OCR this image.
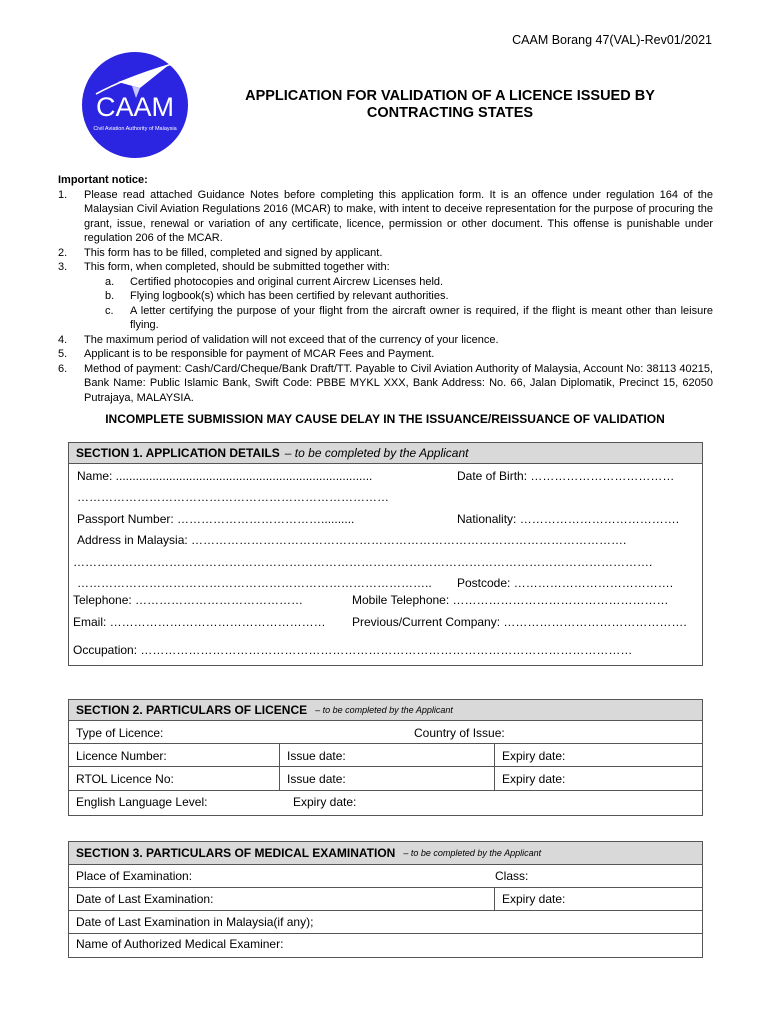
CAAM Borang 47(VAL)-Rev01/2021
CAAM
Civil Aviation Authority of Malaysia
APPLICATION FOR VALIDATION OF A LICENCE ISSUED BY
CONTRACTING STATES
Important notice:
1.	Please read attached Guidance Notes before completing this application form. It is an offence under regulation 164 of the Malaysian Civil Aviation Regulations 2016 (MCAR) to make, with intent to deceive representation for the purpose of procuring the grant, issue, renewal or variation of any certificate, licence, permission or other document. This offense is punishable under regulation 206 of the MCAR.
2.	This form has to be filled, completed and signed by applicant.
3.	This form, when completed, should be submitted together with:
a.	Certified photocopies and original current Aircrew Licenses held.
b.	Flying logbook(s) which has been certified by relevant authorities.
c.	A letter certifying the purpose of your flight from the aircraft owner is required, if the flight is meant other than leisure flying.
4.	The maximum period of validation will not exceed that of the currency of your licence.
5.	Applicant is to be responsible for payment of MCAR Fees and Payment.
6.	Method of payment: Cash/Card/Cheque/Bank Draft/TT. Payable to Civil Aviation Authority of Malaysia, Account No: 38113 40215, Bank Name: Public Islamic Bank, Swift Code: PBBE MYKL XXX, Bank Address: No. 66, Jalan Diplomatik, Precinct 15, 62050 Putrajaya, MALAYSIA.
INCOMPLETE SUBMISSION MAY CAUSE DELAY IN THE ISSUANCE/REISSUANCE OF VALIDATION
SECTION 1. APPLICATION DETAILS – to be completed by the Applicant
Name: .............................................................................	Date of Birth: ………………………………
……………………………………………………………………
Passport Number: ………………………………..........	Nationality: ………………………………….
Address in Malaysia: ……………………………………………………………………………………………….
……………………………………………………………………………………………………………………………….
…………………………………………………………………………….. Postcode: ………………………………….
Telephone: ……………………………………	Mobile Telephone: ………………………………………………
Email: ……………………………………………… Previous/Current Company: ……………………………………….
Occupation: ……………………………………………………………………………………………………………
SECTION 2. PARTICULARS OF LICENCE – to be completed by the Applicant
Type of Licence:	Country of Issue:
Licence Number:	Issue date:	Expiry date:
RTOL Licence No:	Issue date:	Expiry date:
English Language Level:	Expiry date:
SECTION 3. PARTICULARS OF MEDICAL EXAMINATION – to be completed by the Applicant
Place of Examination:	Class:
Date of Last Examination:	Expiry date:
Date of Last Examination in Malaysia(if any);
Name of Authorized Medical Examiner:
